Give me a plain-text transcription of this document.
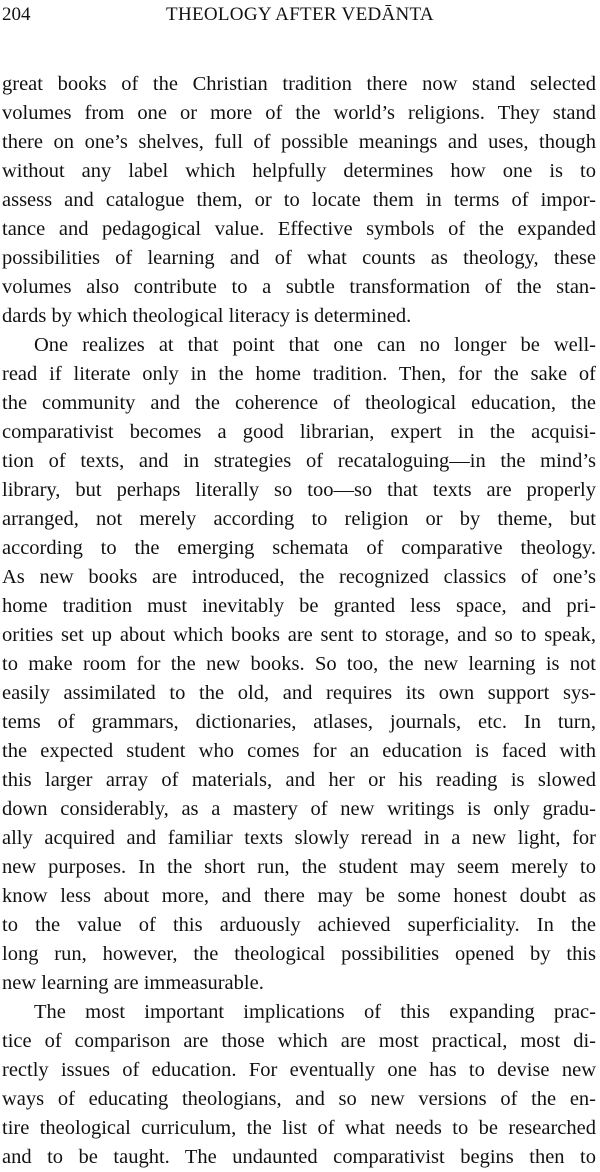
204	THEOLOGY AFTER VEDĀNTA
great books of the Christian tradition there now stand selected
volumes from one or more of the world’s religions. They stand
there on one’s shelves, full of possible meanings and uses, though
without any label which helpfully determines how one is to
assess and catalogue them, or to locate them in terms of impor-
tance and pedagogical value. Effective symbols of the expanded
possibilities of learning and of what counts as theology, these
volumes also contribute to a subtle transformation of the stan-
dards by which theological literacy is determined.
One realizes at that point that one can no longer be well-
read if literate only in the home tradition. Then, for the sake of
the community and the coherence of theological education, the
comparativist becomes a good librarian, expert in the acquisi-
tion of texts, and in strategies of recataloguing—in the mind’s
library, but perhaps literally so too—so that texts are properly
arranged, not merely according to religion or by theme, but
according to the emerging schemata of comparative theology.
As new books are introduced, the recognized classics of one’s
home tradition must inevitably be granted less space, and pri-
orities set up about which books are sent to storage, and so to speak,
to make room for the new books. So too, the new learning is not
easily assimilated to the old, and requires its own support sys-
tems of grammars, dictionaries, atlases, journals, etc. In turn,
the expected student who comes for an education is faced with
this larger array of materials, and her or his reading is slowed
down considerably, as a mastery of new writings is only gradu-
ally acquired and familiar texts slowly reread in a new light, for
new purposes. In the short run, the student may seem merely to
know less about more, and there may be some honest doubt as
to the value of this arduously achieved superficiality. In the
long run, however, the theological possibilities opened by this
new learning are immeasurable.
The most important implications of this expanding prac-
tice of comparison are those which are most practical, most di-
rectly issues of education. For eventually one has to devise new
ways of educating theologians, and so new versions of the en-
tire theological curriculum, the list of what needs to be researched
and to be taught. The undaunted comparativist begins then to
